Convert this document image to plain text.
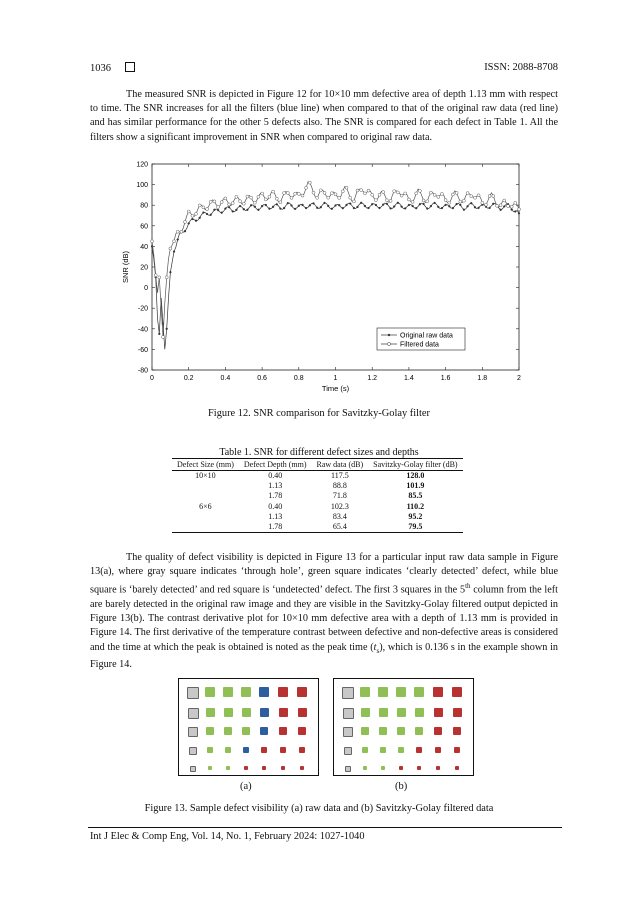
1036	ISSN: 2088-8708
The measured SNR is depicted in Figure 12 for 10×10 mm defective area of depth 1.13 mm with respect to time. The SNR increases for all the filters (blue line) when compared to that of the original raw data (red line) and has similar performance for the other 5 defects also. The SNR is compared for each defect in Table 1. All the filters show a significant improvement in SNR when compared to original raw data.
0	0.2	0.4	0.6	0.8	1	1.2	1.4	1.6	1.8	2
-80
-60
-40
-20
0
20
40
60
80
100
120
Time (s)
SNR (dB)
Original raw data
Filtered data
Figure 12. SNR comparison for Savitzky-Golay filter
Table 1. SNR for different defect sizes and depths
Defect Size (mm)	Defect Depth (mm)	Raw data (dB)	Savitzky-Golay filter (dB)
10×10	0.40	117.5	128.0
	1.13	88.8	101.9
	1.78	71.8	85.5
6×6	0.40	102.3	110.2
	1.13	83.4	95.2
	1.78	65.4	79.5
The quality of defect visibility is depicted in Figure 13 for a particular input raw data sample in Figure 13(a), where gray square indicates ‘through hole’, green square indicates ‘clearly detected’ defect, while blue square is ‘barely detected’ and red square is ‘undetected’ defect. The first 3 squares in the 5th column from the left are barely detected in the original raw image and they are visible in the Savitzky-Golay filtered output depicted in Figure 13(b). The contrast derivative plot for 10×10 mm defective area with a depth of 1.13 mm is provided in Figure 14. The first derivative of the temperature contrast between defective and non-defective areas is considered and the time at which the peak is obtained is noted as the peak time $(t_s)$, which is 0.136 s in the example shown in Figure 14.
(a)	(b)
Figure 13. Sample defect visibility (a) raw data and (b) Savitzky-Golay filtered data
Int J Elec & Comp Eng, Vol. 14, No. 1, February 2024: 1027-1040
